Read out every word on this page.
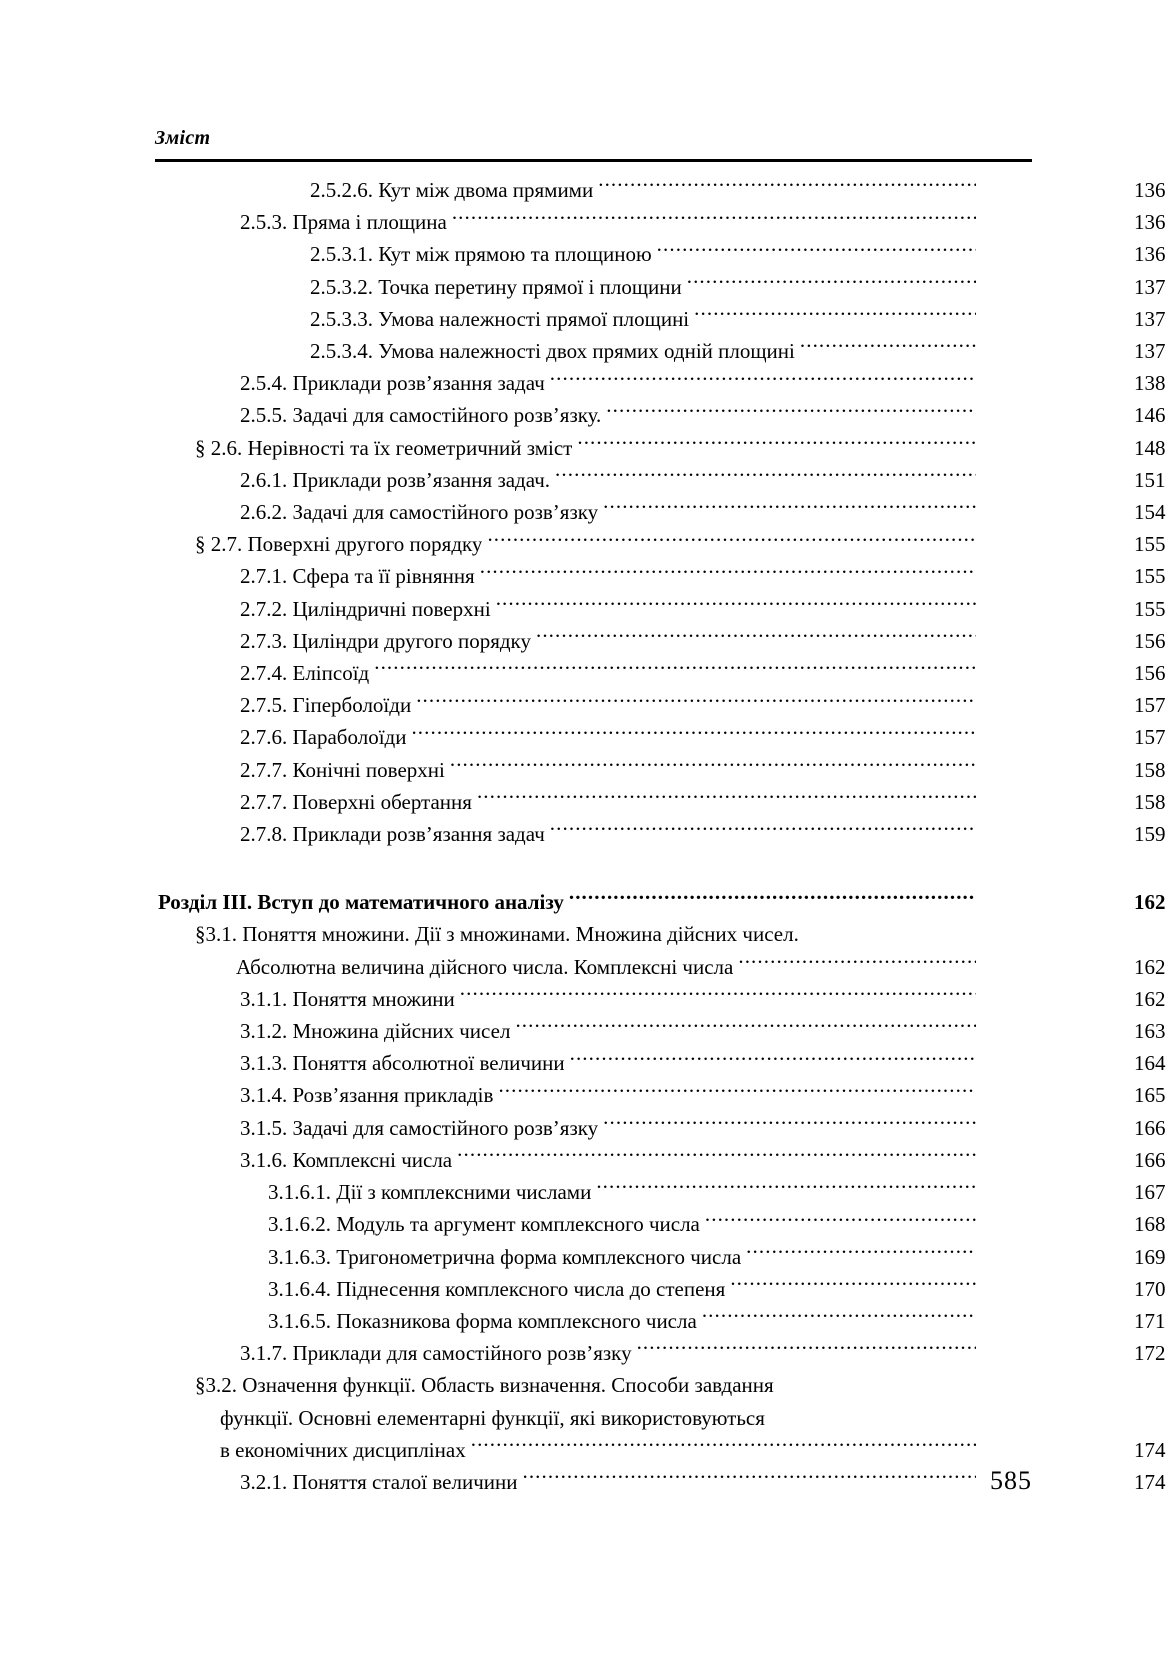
Зміст
2.5.2.6. Кут між двома прямими .....	136
2.5.3. Пряма і площина .....	136
2.5.3.1. Кут між прямою та площиною .....	136
2.5.3.2. Точка перетину прямої і площини .....	137
2.5.3.3. Умова належності прямої площині .....	137
2.5.3.4. Умова належності двох прямих одній площині .....	137
2.5.4. Приклади розв’язання задач .....	138
2.5.5. Задачі для самостійного розв’язку. .....	146
§ 2.6. Нерівності та їх геометричний зміст .....	148
2.6.1. Приклади розв’язання задач. .....	151
2.6.2. Задачі для самостійного розв’язку .....	154
§ 2.7. Поверхні другого порядку .....	155
2.7.1. Сфера та її рівняння .....	155
2.7.2. Циліндричні поверхні .....	155
2.7.3. Циліндри другого порядку .....	156
2.7.4. Еліпсоїд .....	156
2.7.5. Гіперболоїди .....	157
2.7.6. Параболоїди .....	157
2.7.7. Конічні поверхні .....	158
2.7.7. Поверхні обертання .....	158
2.7.8. Приклади розв’язання задач .....	159
Розділ III. Вступ до математичного аналізу .....	162
§3.1. Поняття множини. Дії з множинами. Множина дійсних чисел.
Абсолютна величина дійсного числа. Комплексні числа .....	162
3.1.1. Поняття множини .....	162
3.1.2. Множина дійсних чисел .....	163
3.1.3. Поняття абсолютної величини .....	164
3.1.4. Розв’язання прикладів .....	165
3.1.5. Задачі для самостійного розв’язку .....	166
3.1.6. Комплексні числа .....	166
3.1.6.1. Дії з комплексними числами .....	167
3.1.6.2. Модуль та аргумент комплексного числа .....	168
3.1.6.3. Тригонометрична форма комплексного числа .....	169
3.1.6.4. Піднесення комплексного числа до степеня .....	170
3.1.6.5. Показникова форма комплексного числа .....	171
3.1.7. Приклади для самостійного розв’язку .....	172
§3.2. Означення функції. Область визначення. Способи завдання
функції. Основні елементарні функції, які використовуються
в економічних дисциплінах .....	174
3.2.1. Поняття сталої величини .....	174
585
